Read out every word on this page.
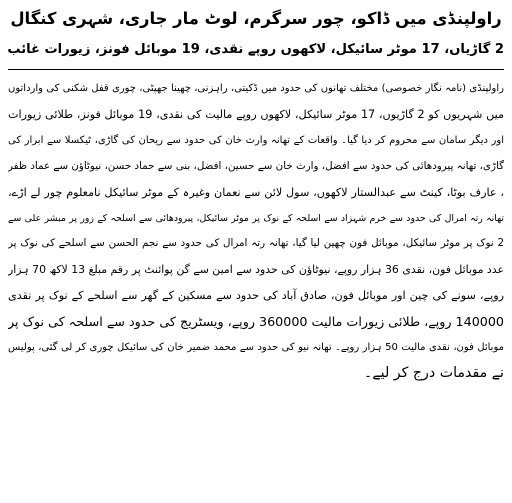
راولپنڈی میں ڈاکو، چور سرگرم، لوٹ مار جاری، شہری کنگال
2 گاڑیاں، 17 موٹر سائیکل، لاکھوں روپے نقدی، 19 موبائل فونز، زیورات غائب
راولپنڈی (نامہ نگار خصوصی) مختلف تھانوں کی حدود میں ڈکیتی، راہزنی، چھینا جھپٹی، چوری قفل شکنی کی وارداتوں
میں شہریوں کو 2 گاڑیوں، 17 موٹر سائیکل، لاکھوں روپے مالیت کی نقدی، 19 موبائل فونز، طلائی زیورات
اور دیگر سامان سے محروم کر دیا گیا۔ واقعات کے تھانہ وارث خان کی حدود سے ریحان کی گاڑی، ٹیکسلا سے ابرار کی
گاڑی، تھانہ پیرودھائی کی حدود سے افضل، وارث خان سے حسین، افضل، بنی سے حماد حسن، نیوٹاؤن سے عماد ظفر
، عارف بوٹا، کینٹ سے عبدالستار لاکھوں، سول لائن سے نعمان وغیرہ کے موٹر سائیکل نامعلوم چور لے اڑے،
تھانہ رتہ امرال کی حدود سے خرم شہزاد سے اسلحہ کے نوک پر موٹر سائیکل، پیرودھائی سے اسلحہ کے زور پر مبشر علی سے
2 نوک پر موٹر سائیکل، موبائل فون چھین لیا گیا، تھانہ رتہ امرال کی حدود سے نجم الحسن سے اسلحے کی نوک پر
عدد موبائل فون، نقدی 36 ہزار روپے، نیوٹاؤن کی حدود سے امین سے گن پوائنٹ پر رقم مبلغ 13 لاکھ 70 ہزار
روپے، سونے کی چین اور موبائل فون، صادق آباد کی حدود سے مسکین کے گھر سے اسلحے کے نوک پر نقدی
140000 روپے، طلائی زیورات مالیت 360000 روپے، ویسٹریج کی حدود سے اسلحہ کی نوک پر
موبائل فون، نقدی مالیت 50 ہزار روپے۔ تھانہ نیو کی حدود سے محمد ضمیر خان کی سائیکل چوری کر لی گئی، پولیس
نے مقدمات درج کر لیے۔
